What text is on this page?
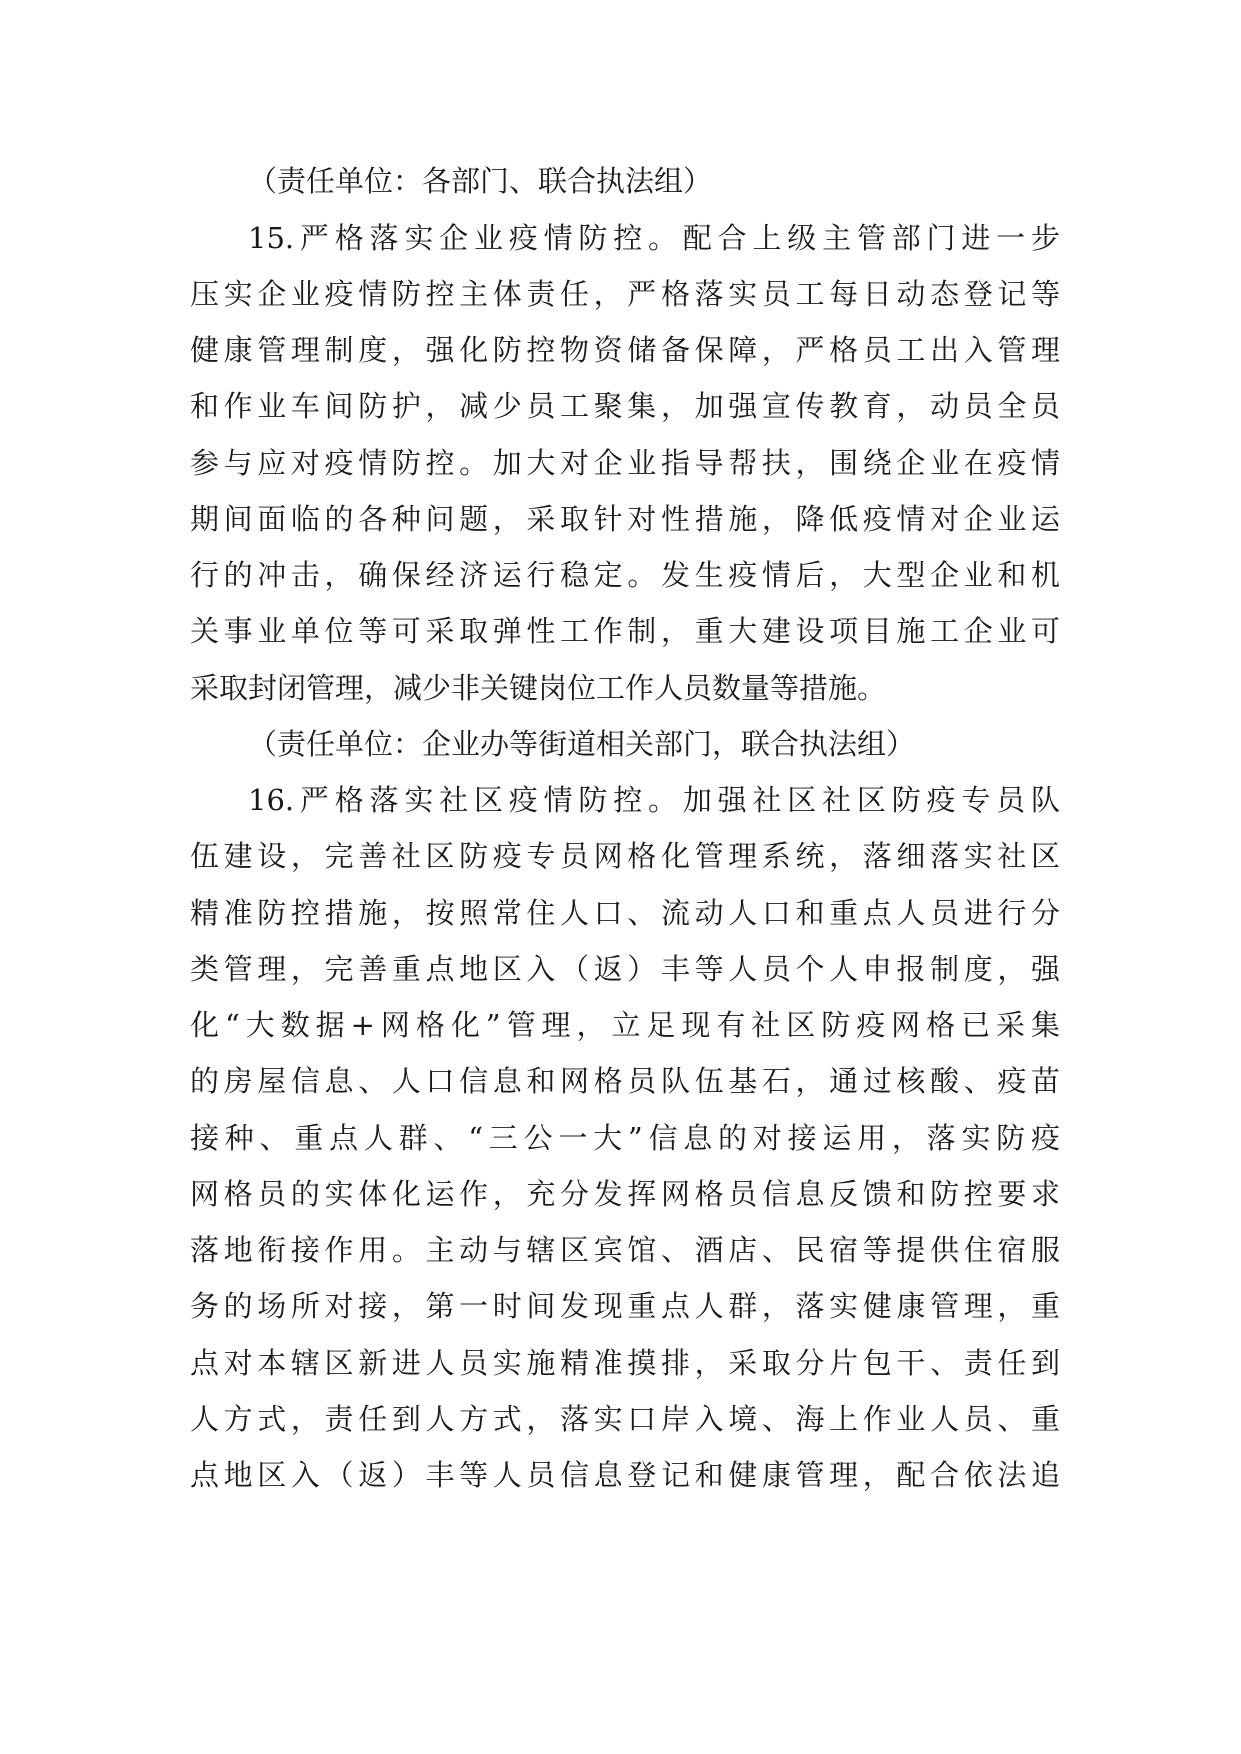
（责任单位：各部门、联合执法组）
15.严格落实企业疫情防控。配合上级主管部门进一步
压实企业疫情防控主体责任，严格落实员工每日动态登记等
健康管理制度，强化防控物资储备保障，严格员工出入管理
和作业车间防护，减少员工聚集，加强宣传教育，动员全员
参与应对疫情防控。加大对企业指导帮扶，围绕企业在疫情
期间面临的各种问题，采取针对性措施，降低疫情对企业运
行的冲击，确保经济运行稳定。发生疫情后，大型企业和机
关事业单位等可采取弹性工作制，重大建设项目施工企业可
采取封闭管理，减少非关键岗位工作人员数量等措施。
（责任单位：企业办等街道相关部门，联合执法组）
16.严格落实社区疫情防控。加强社区社区防疫专员队
伍建设，完善社区防疫专员网格化管理系统，落细落实社区
精准防控措施，按照常住人口、流动人口和重点人员进行分
类管理，完善重点地区入（返）丰等人员个人申报制度，强
化“大数据+网格化”管理，立足现有社区防疫网格已采集
的房屋信息、人口信息和网格员队伍基石，通过核酸、疫苗
接种、重点人群、“三公一大”信息的对接运用，落实防疫
网格员的实体化运作，充分发挥网格员信息反馈和防控要求
落地衔接作用。主动与辖区宾馆、酒店、民宿等提供住宿服
务的场所对接，第一时间发现重点人群，落实健康管理，重
点对本辖区新进人员实施精准摸排，采取分片包干、责任到
人方式，责任到人方式，落实口岸入境、海上作业人员、重
点地区入（返）丰等人员信息登记和健康管理，配合依法追
